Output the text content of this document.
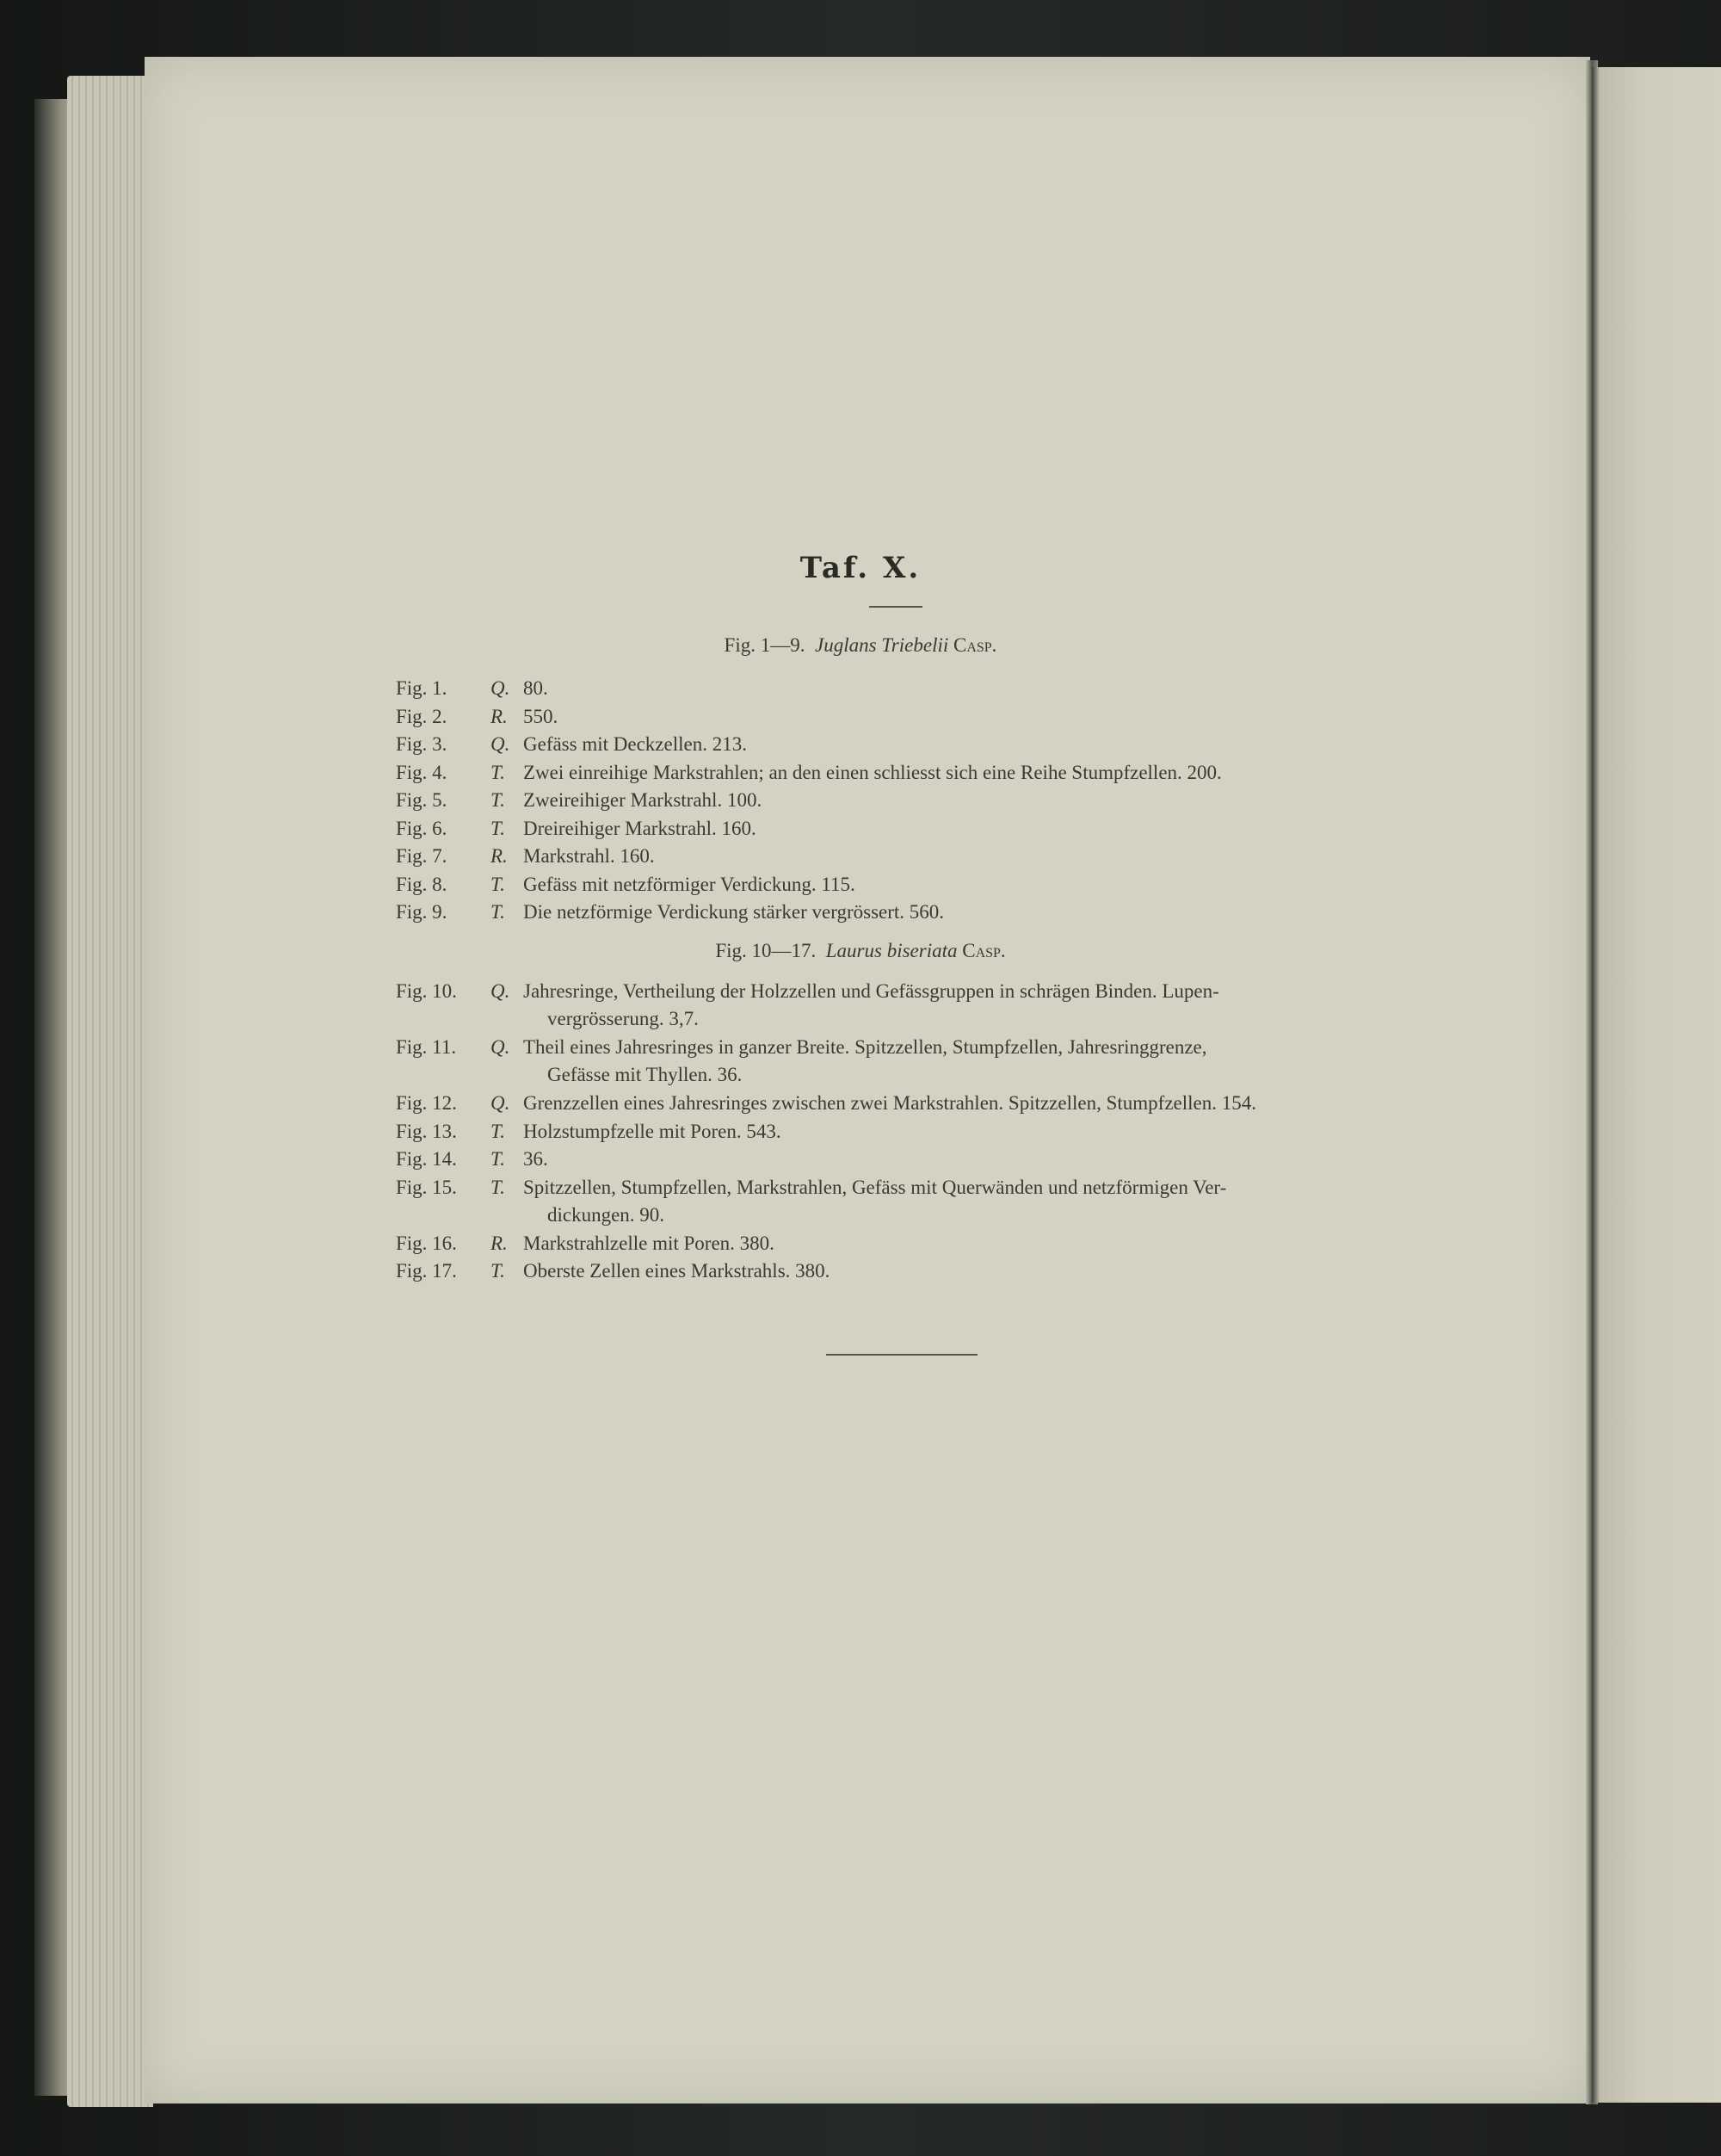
Taf. X.
Fig. 1—9. Juglans Triebelii Casp.
Fig. 10—17. Laurus biseriata Casp.
Fig. 1.	Q. 80.
Fig. 2.	R. 550.
Fig. 3.	Q. Gefäss mit Deckzellen. 213.
Fig. 4.	T. Zwei einreihige Markstrahlen; an den einen schliesst sich eine Reihe Stumpfzellen. 200.
Fig. 5.	T. Zweireihiger Markstrahl. 100.
Fig. 6.	T. Dreireihiger Markstrahl. 160.
Fig. 7.	R. Markstrahl. 160.
Fig. 8.	T. Gefäss mit netzförmiger Verdickung. 115.
Fig. 9.	T. Die netzförmige Verdickung stärker vergrössert. 560.
Fig. 10.	Q. Jahresringe, Vertheilung der Holzzellen und Gefässgruppen in schrägen Binden. Lupen-
vergrösserung. 3,7.
Fig. 11.	Q. Theil eines Jahresringes in ganzer Breite. Spitzzellen, Stumpfzellen, Jahresringgrenze,
Gefässe mit Thyllen. 36.
Fig. 12.	Q. Grenzzellen eines Jahresringes zwischen zwei Markstrahlen. Spitzzellen, Stumpfzellen. 154.
Fig. 13.	T. Holzstumpfzelle mit Poren. 543.
Fig. 14.	T. 36.
Fig. 15.	T. Spitzzellen, Stumpfzellen, Markstrahlen, Gefäss mit Querwänden und netzförmigen Ver-
dickungen. 90.
Fig. 16.	R. Markstrahlzelle mit Poren. 380.
Fig. 17.	T. Oberste Zellen eines Markstrahls. 380.
